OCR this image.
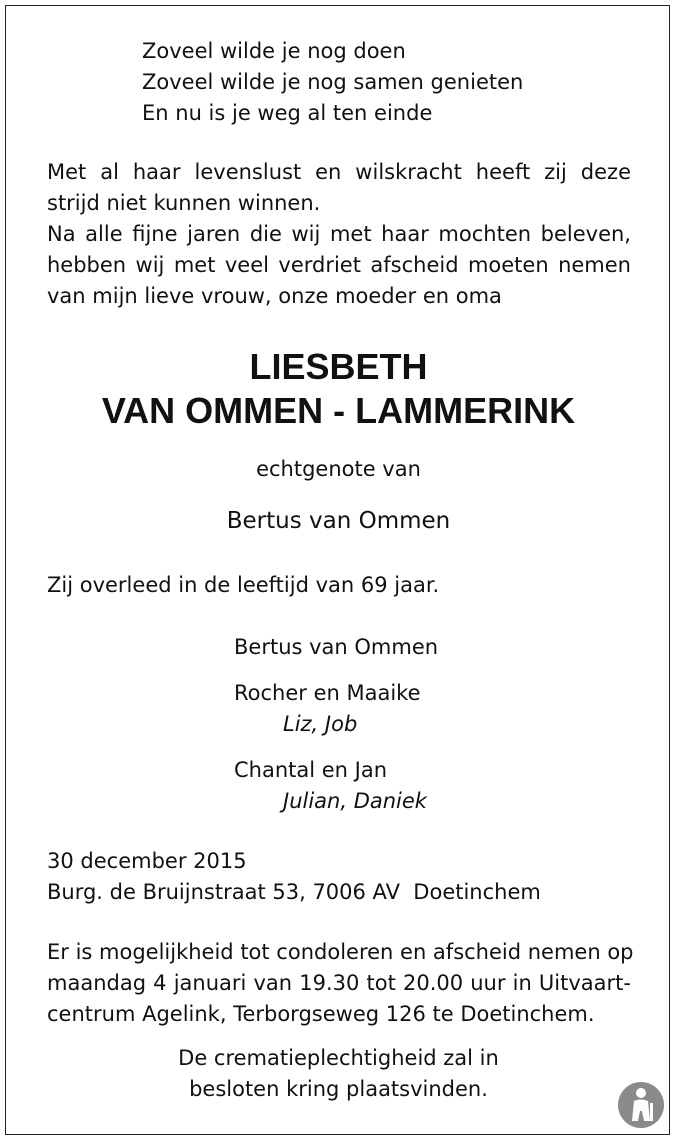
Zoveel wilde je nog doen
Zoveel wilde je nog samen genieten
En nu is je weg al ten einde
Met al haar levenslust en wilskracht heeft zij deze
strijd niet kunnen winnen.
Na alle fijne jaren die wij met haar mochten beleven,
hebben wij met veel verdriet afscheid moeten nemen
van mijn lieve vrouw, onze moeder en oma
LIESBETH
VAN OMMEN - LAMMERINK
echtgenote van
Bertus van Ommen
Zij overleed in de leeftijd van 69 jaar.
Bertus van Ommen
Rocher en Maaike
Liz, Job
Chantal en Jan
Julian, Daniek
30 december 2015
Burg. de Bruijnstraat 53, 7006 AV  Doetinchem
Er is mogelijkheid tot condoleren en afscheid nemen op
maandag 4 januari van 19.30 tot 20.00 uur in Uitvaart-
centrum Agelink, Terborgseweg 126 te Doetinchem.
De crematieplechtigheid zal in
besloten kring plaatsvinden.
